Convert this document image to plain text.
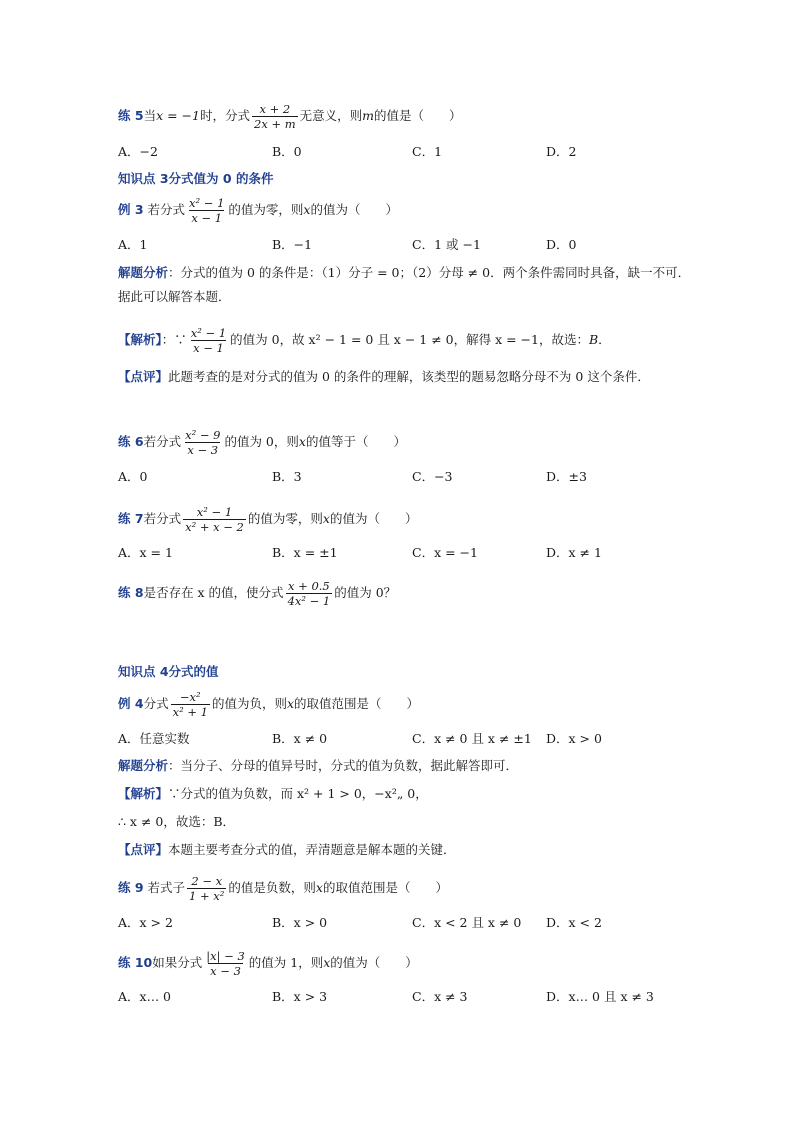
练 5当x = −1时，分式 $\frac{x + 2}{2x + m}$ 无意义，则m的值是（　　）
A．−2	B．0	C．1	D．2
知识点 3分式值为 0 的条件
例 3 若分式 $\frac{\text{x² − 1}}{x - 1}$ 的值为零，则x的值为（　　）
A．1	B．−1	C．1 或 −1	D．0
解题分析：分式的值为 0 的条件是：（1）分子 = 0；（2）分母 ≠ 0．两个条件需同时具备，缺一不可．据此可以解答本题．
【解析】：∵ $\frac{\text{x² − 1}}{x - 1}$ 的值为 0，故 x² − 1 = 0 且 x − 1 ≠ 0，解得 x = −1，故选：B．
【点评】此题考查的是对分式的值为 0 的条件的理解，该类型的题易忽略分母不为 0 这个条件．
练 6若分式 $\frac{\text{x² − 9}}{x - 3}$ 的值为 0，则x的值等于（　　）
A．0	B．3	C．−3	D．±3
练 7若分式 $\frac{\text{x² − 1}}{\text{x² + x − 2}}$ 的值为零，则x的值为（　　）
A．x = 1	B．x = ±1	C．x = −1	D．x ≠ 1
练 8是否存在 x 的值，使分式 $\frac{x + 0.5}{\text{4x² − 1}}$ 的值为 0？
知识点 4分式的值
例 4分式 $\frac{\text{−x²}}{\text{x² + 1}}$ 的值为负，则x的取值范围是（　　）
A．任意实数	B．x ≠ 0	C．x ≠ 0 且 x ≠ ±1 D．x > 0
解题分析：当分子、分母的值异号时，分式的值为负数，据此解答即可．
【解析】∵分式的值为负数，而 x² + 1 > 0，−x²„ 0，
∴ x ≠ 0，故选：B．
【点评】本题主要考查分式的值，弄清题意是解本题的关键．
练 9 若式子 $\frac{2 - x}{\text{1 + x²}}$ 的值是负数，则x的取值范围是（　　）
A．x > 2	B．x > 0	C．x < 2 且 x ≠ 0 D．x < 2
练 10如果分式 $\frac{|x| - 3}{x - 3}$ 的值为 1，则x的值为（　　）
A．x… 0	B．x > 3	C．x ≠ 3	D．x… 0 且 x ≠ 3
